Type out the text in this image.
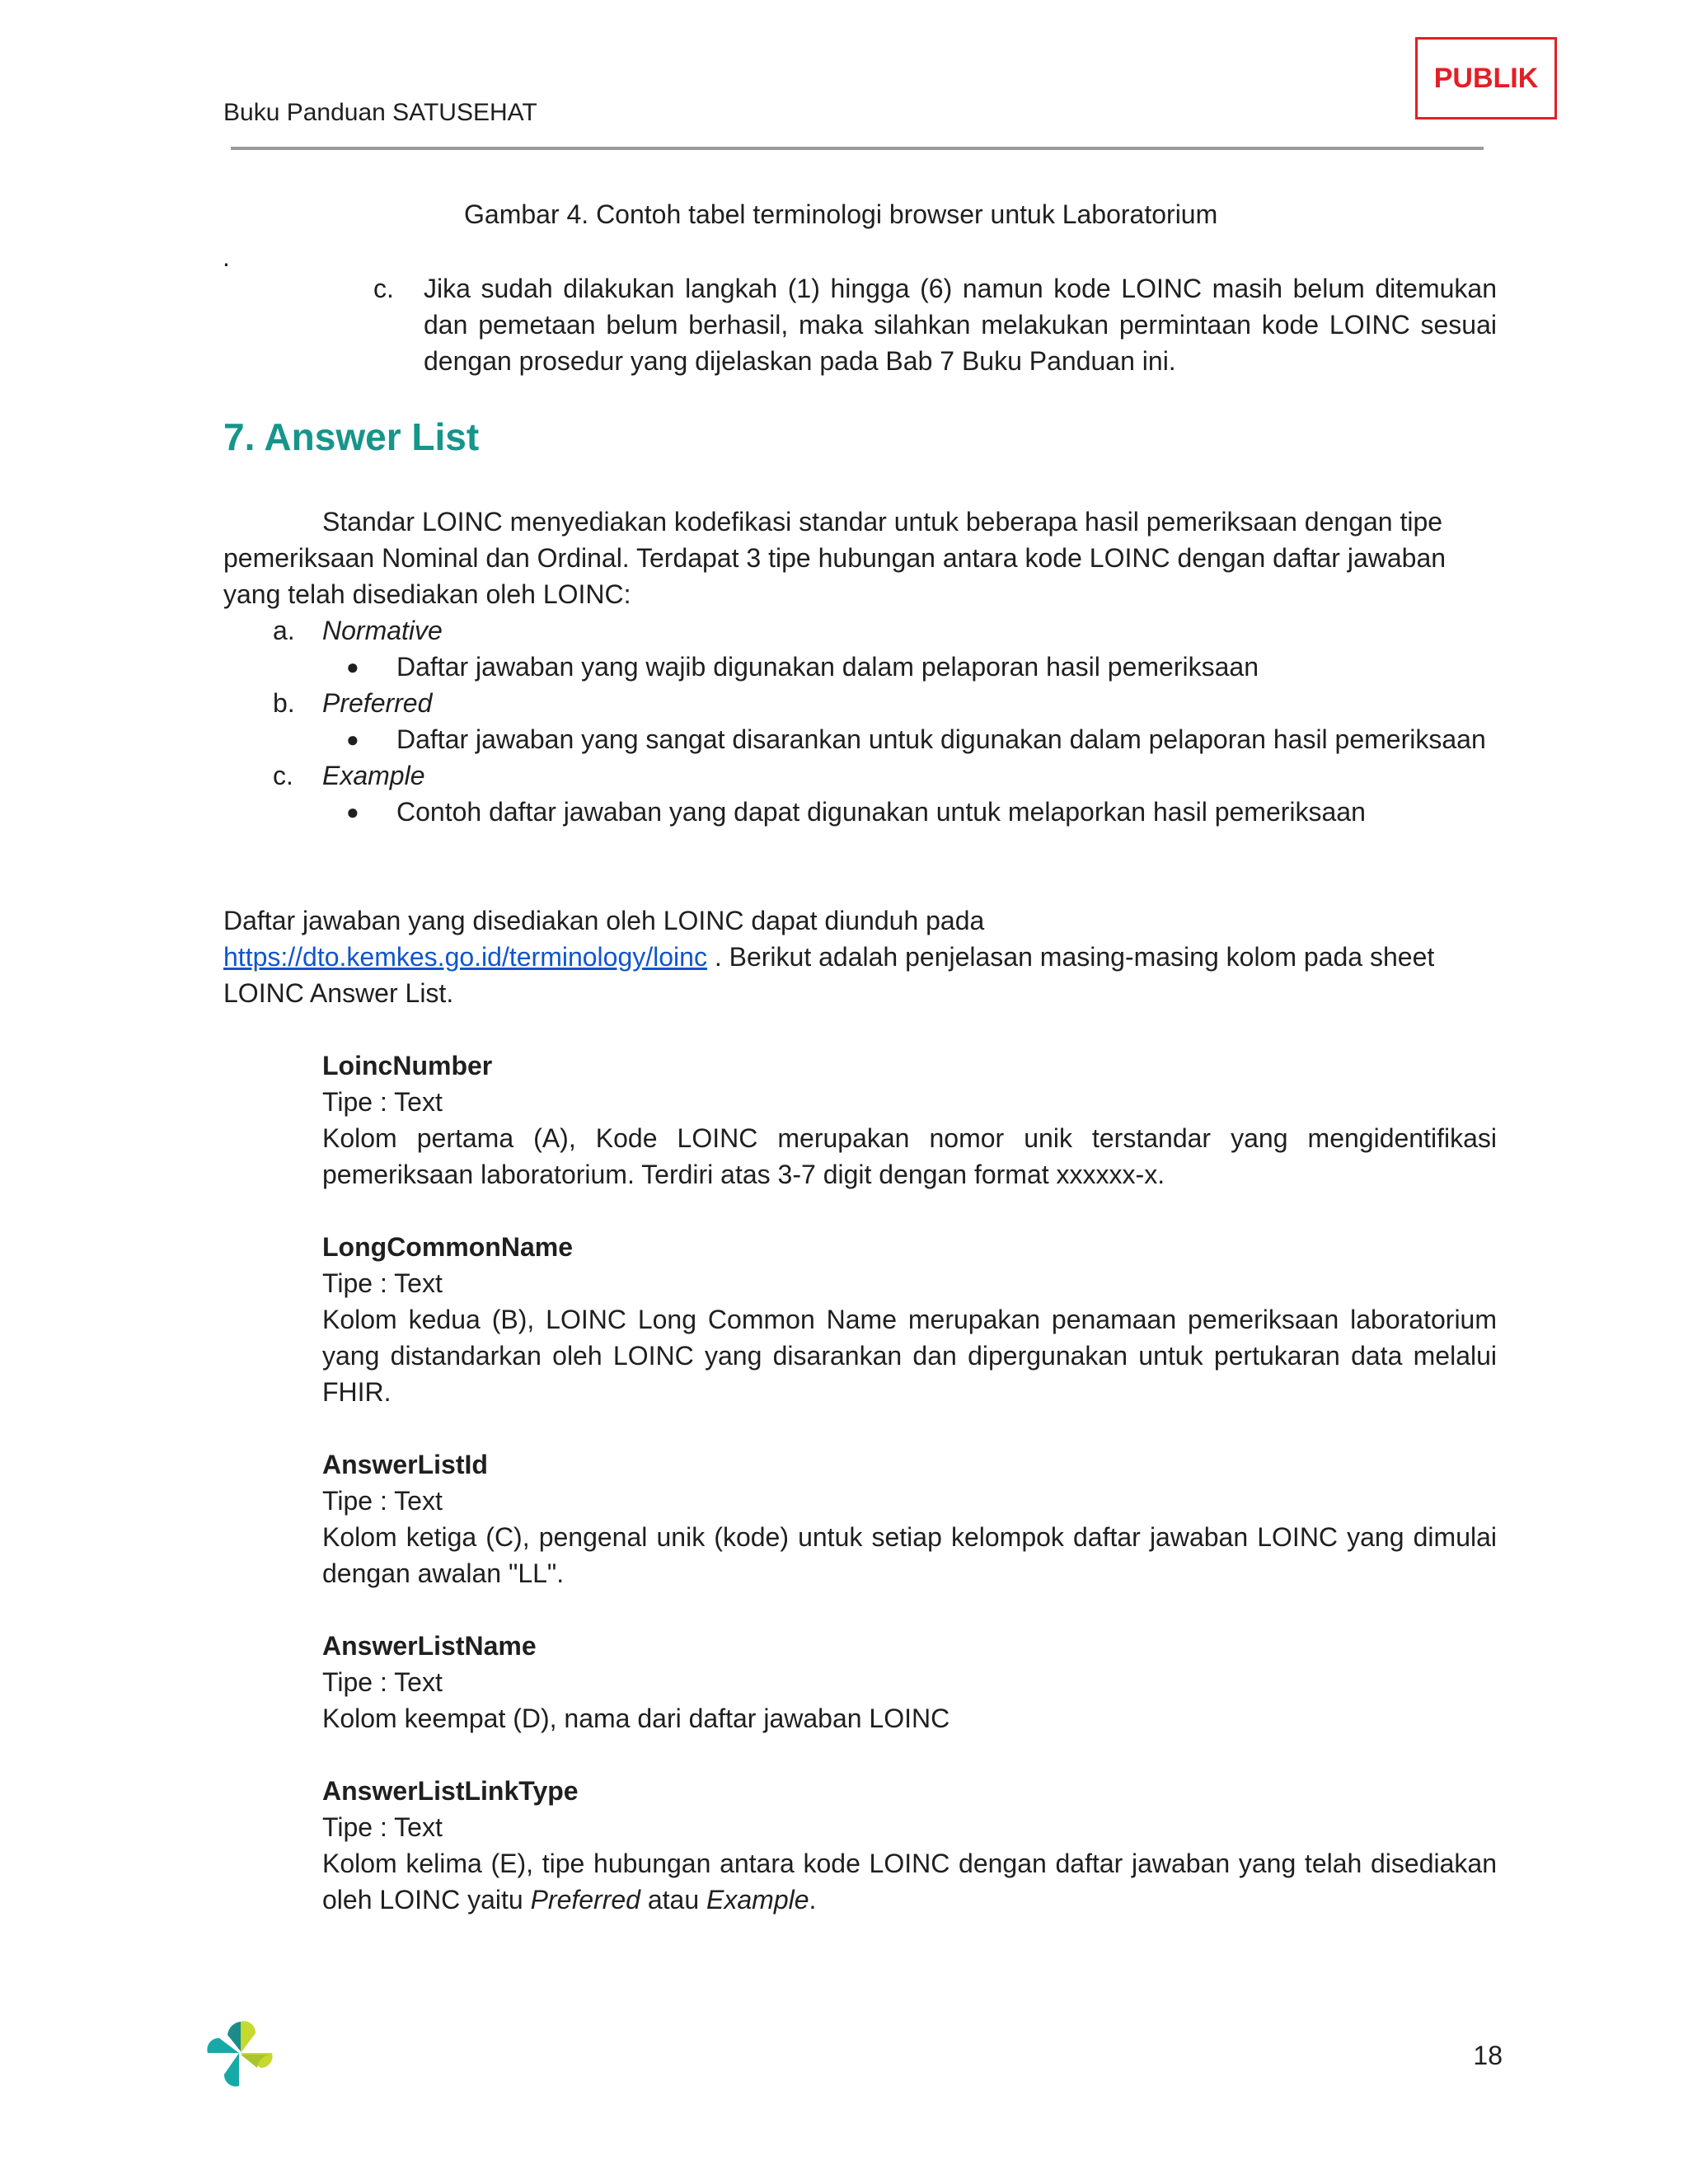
Buku Panduan SATUSEHAT
PUBLIK
Gambar 4. Contoh tabel terminologi browser untuk Laboratorium
.
c. Jika sudah dilakukan langkah (1) hingga (6) namun kode LOINC masih belum ditemukan dan pemetaan belum berhasil, maka silahkan melakukan permintaan kode LOINC sesuai dengan prosedur yang dijelaskan pada Bab 7 Buku Panduan ini.
7. Answer List

Standar LOINC menyediakan kodefikasi standar untuk beberapa hasil pemeriksaan dengan tipe pemeriksaan Nominal dan Ordinal. Terdapat 3 tipe hubungan antara kode LOINC dengan daftar jawaban yang telah disediakan oleh LOINC:

a. Normative
● Daftar jawaban yang wajib digunakan dalam pelaporan hasil pemeriksaan
b. Preferred
● Daftar jawaban yang sangat disarankan untuk digunakan dalam pelaporan hasil pemeriksaan
c. Example
● Contoh daftar jawaban yang dapat digunakan untuk melaporkan hasil pemeriksaan

Daftar jawaban yang disediakan oleh LOINC dapat diunduh pada

https://dto.kemkes.go.id/terminology/loinc . Berikut adalah penjelasan masing-masing kolom pada sheet LOINC Answer List.

LoincNumber
Tipe : Text
Kolom pertama (A), Kode LOINC merupakan nomor unik terstandar yang mengidentifikasi pemeriksaan laboratorium. Terdiri atas 3-7 digit dengan format xxxxxx-x.
LongCommonName
Tipe : Text
Kolom kedua (B), LOINC Long Common Name merupakan penamaan pemeriksaan laboratorium yang distandarkan oleh LOINC yang disarankan dan dipergunakan untuk pertukaran data melalui FHIR.
AnswerListId
Tipe : Text
Kolom ketiga (C), pengenal unik (kode) untuk setiap kelompok daftar jawaban LOINC yang dimulai dengan awalan "LL".
AnswerListName
Tipe : Text
Kolom keempat (D), nama dari daftar jawaban LOINC
AnswerListLinkType
Tipe : Text
Kolom kelima (E), tipe hubungan antara kode LOINC dengan daftar jawaban yang telah disediakan oleh LOINC yaitu Preferred atau Example.
18
